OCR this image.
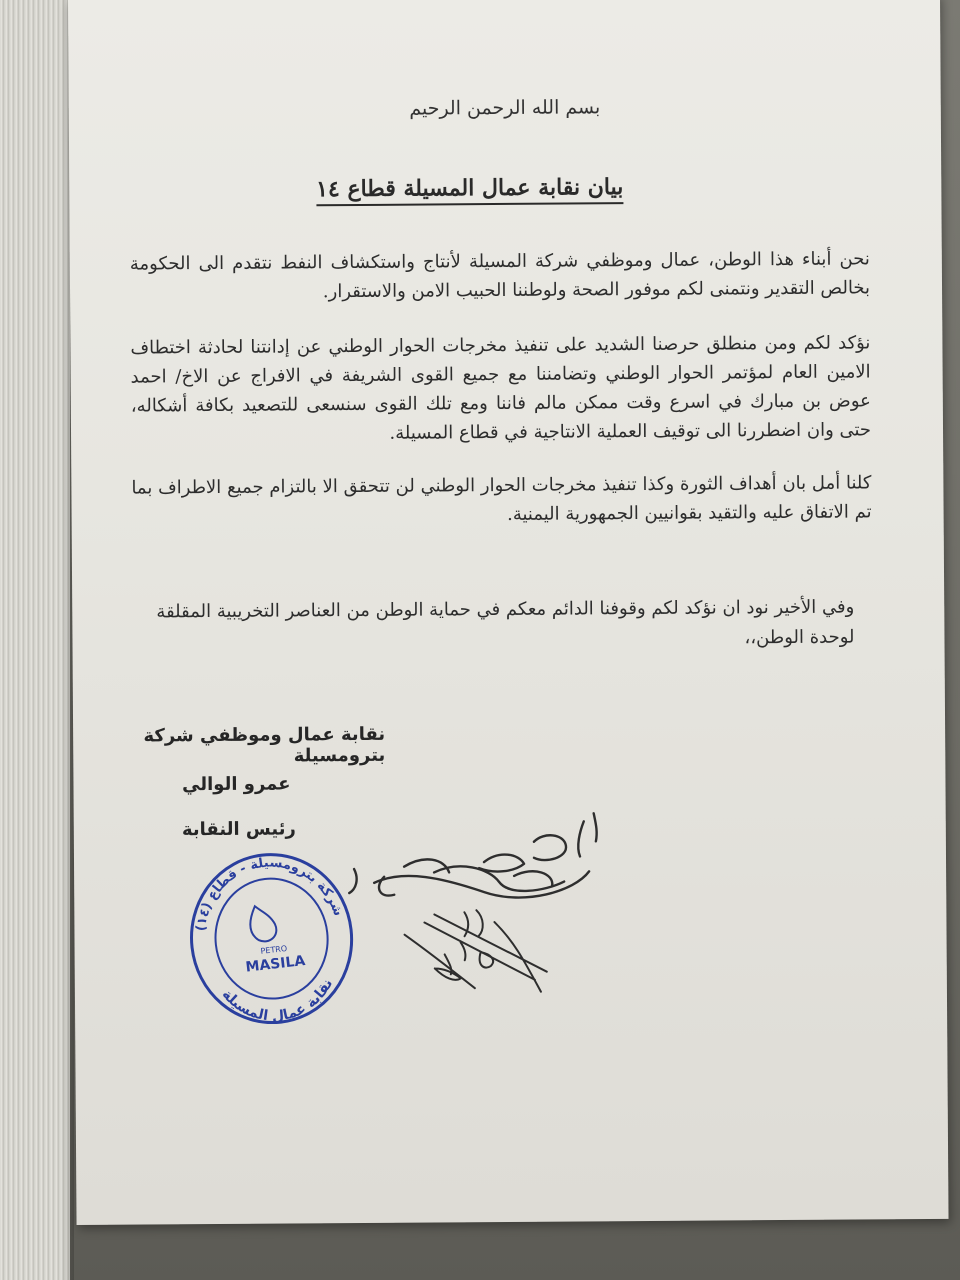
بسم الله الرحمن الرحيم
بيان نقابة عمال المسيلة قطاع ١٤

نحن أبناء هذا الوطن، عمال وموظفي شركة المسيلة لأنتاج واستكشاف النفط نتقدم الى الحكومة بخالص التقدير ونتمنى لكم موفور الصحة ولوطننا الحبيب الامن والاستقرار.

نؤكد لكم ومن منطلق حرصنا الشديد على تنفيذ مخرجات الحوار الوطني عن إدانتنا لحادثة اختطاف الامين العام لمؤتمر الحوار الوطني وتضامننا مع جميع القوى الشريفة في الافراج عن الاخ/ احمد عوض بن مبارك في اسرع وقت ممكن مالم فاننا ومع تلك القوى سنسعى للتصعيد بكافة أشكاله، حتى وان اضطررنا الى توقيف العملية الانتاجية في قطاع المسيلة.

كلنا أمل بان أهداف الثورة وكذا تنفيذ مخرجات الحوار الوطني لن تتحقق الا بالتزام جميع الاطراف بما تم الاتفاق عليه والتقيد بقوانيين الجمهورية اليمنية.

وفي الأخير نود ان نؤكد لكم وقوفنا الدائم معكم في حماية الوطن من العناصر التخريبية المقلقة لوحدة الوطن،،

نقابة عمال وموظفي شركة بترومسيلة
عمرو الوالي
رئيس النقابة
شركة بترومسيلة - قطاع (١٤)
نقابة عمال المسيلة
PETRO
MASILA
